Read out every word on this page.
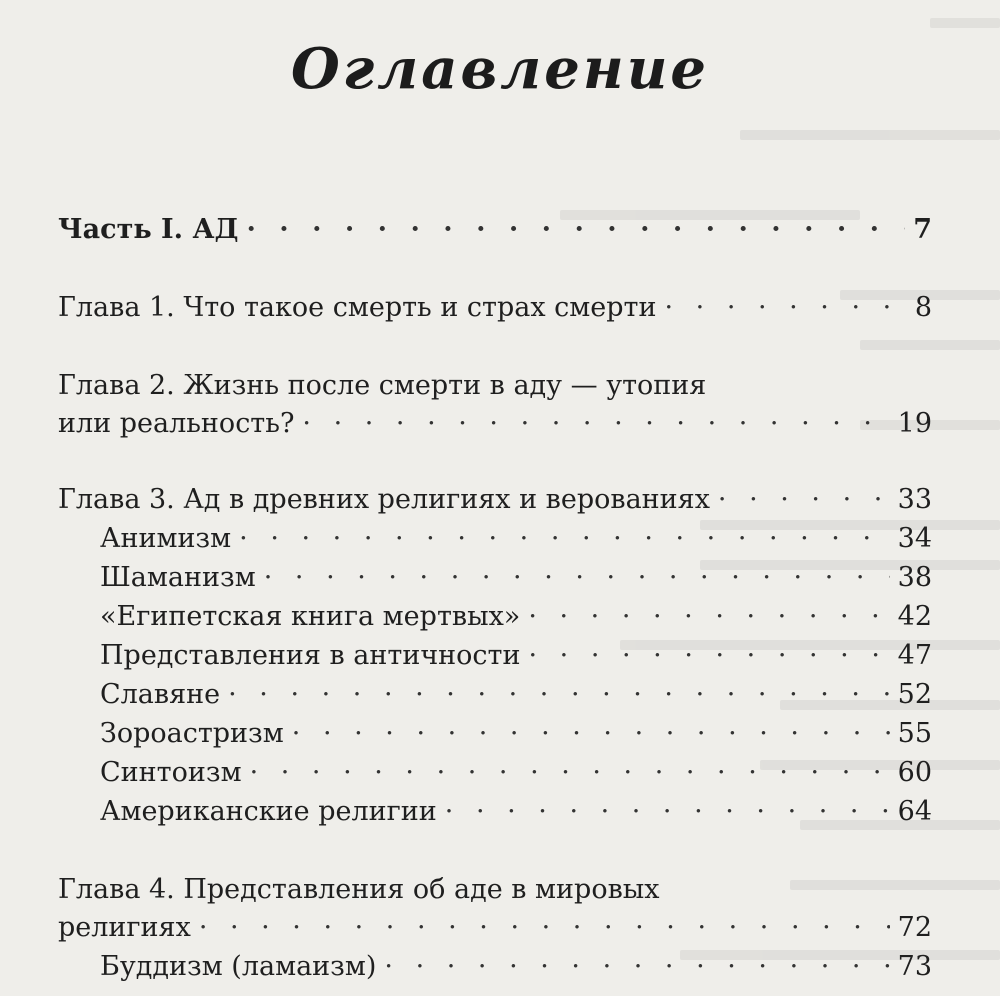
Оглавление
Часть I. АД · · ·	7
Глава 1. Что такое смерть и страх смерти · · ·	8
Глава 2. Жизнь после смерти в аду — утопия
или реальность? · · ·	19
Глава 3. Ад в древних религиях и верованиях · · ·	33
Анимизм · · ·	34
Шаманизм · · ·	38
«Египетская книга мертвых» · · ·	42
Представления в античности · · ·	47
Славяне · · ·	52
Зороастризм · · ·	55
Синтоизм · · ·	60
Американские религии · · ·	64
Глава 4. Представления об аде в мировых
религиях · · ·	72
Буддизм (ламаизм) · · ·	73
